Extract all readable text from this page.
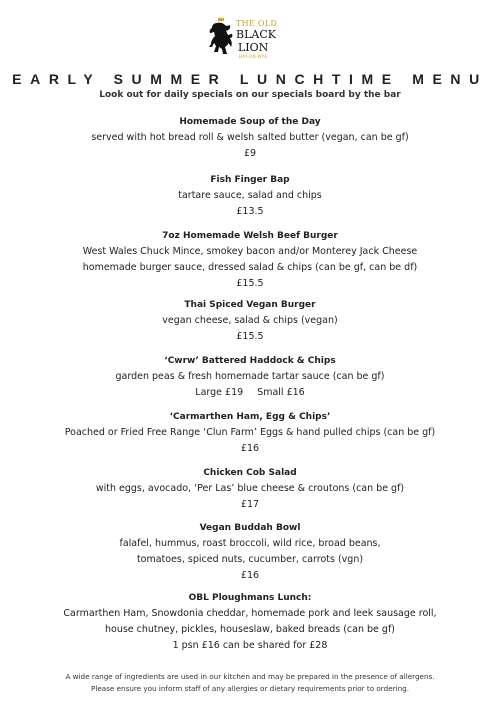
THE OLD
BLACK
LION
HAY-ON-WYE
EARLY SUMMER LUNCHTIME MENU
Look out for daily specials on our specials board by the bar
Homemade Soup of the Day
served with hot bread roll & welsh salted butter (vegan, can be gf)
£9
Fish Finger Bap
tartare sauce, salad and chips
£13.5
7oz Homemade Welsh Beef Burger
West Wales Chuck Mince, smokey bacon and/or Monterey Jack Cheese
homemade burger sauce, dressed salad & chips (can be gf, can be df)
£15.5
Thai Spiced Vegan Burger
vegan cheese, salad & chips (vegan)
£15.5
‘Cwrw’ Battered Haddock & Chips
garden peas & fresh homemade tartar sauce (can be gf)
Large £19 Small £16
‘Carmarthen Ham, Egg & Chips’
Poached or Fried Free Range ‘Clun Farm’ Eggs & hand pulled chips (can be gf)
£16
Chicken Cob Salad
with eggs, avocado, ‘Per Las’ blue cheese & croutons (can be gf)
£17
Vegan Buddah Bowl
falafel, hummus, roast broccoli, wild rice, broad beans,
tomatoes, spiced nuts, cucumber, carrots (vgn)
£16
OBL Ploughmans Lunch:
Carmarthen Ham, Snowdonia cheddar, homemade pork and leek sausage roll,
house chutney, pickles, houseslaw, baked breads (can be gf)
1 psn £16 can be shared for £28
A wide range of ingredients are used in our kitchen and may be prepared in the presence of allergens.
Please ensure you inform staff of any allergies or dietary requirements prior to ordering.
